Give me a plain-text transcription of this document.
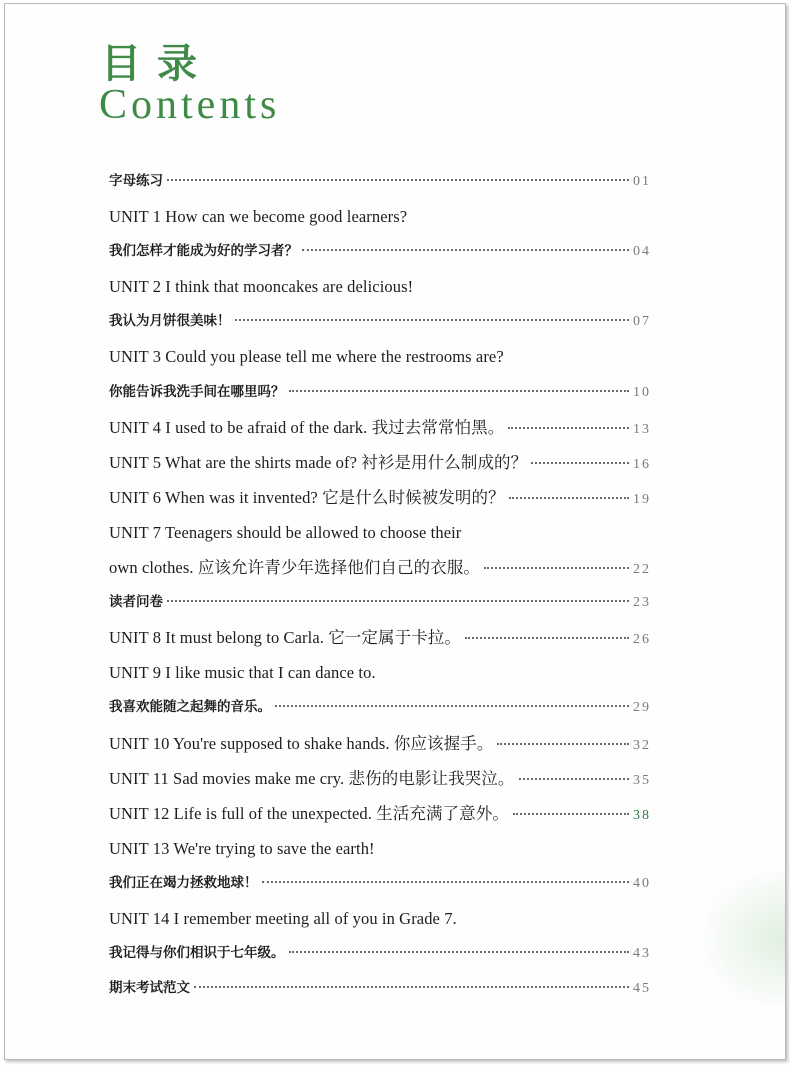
目录
Contents
字母练习	01
UNIT 1 How can we become good learners?
我们怎样才能成为好的学习者？	04
UNIT 2 I think that mooncakes are delicious!
我认为月饼很美味！	07
UNIT 3 Could you please tell me where the restrooms are?
你能告诉我洗手间在哪里吗？	10
UNIT 4 I used to be afraid of the dark. 我过去常常怕黑。	13
UNIT 5 What are the shirts made of? 衬衫是用什么制成的？	16
UNIT 6 When was it invented? 它是什么时候被发明的？	19
UNIT 7 Teenagers should be allowed to choose their
own clothes. 应该允许青少年选择他们自己的衣服。	22
读者问卷	23
UNIT 8 It must belong to Carla. 它一定属于卡拉。	26
UNIT 9 I like music that I can dance to.
我喜欢能随之起舞的音乐。	29
UNIT 10 You're supposed to shake hands. 你应该握手。	32
UNIT 11 Sad movies make me cry. 悲伤的电影让我哭泣。	35
UNIT 12 Life is full of the unexpected. 生活充满了意外。	38
UNIT 13 We're trying to save the earth!
我们正在竭力拯救地球！	40
UNIT 14 I remember meeting all of you in Grade 7.
我记得与你们相识于七年级。	43
期末考试范文	45
